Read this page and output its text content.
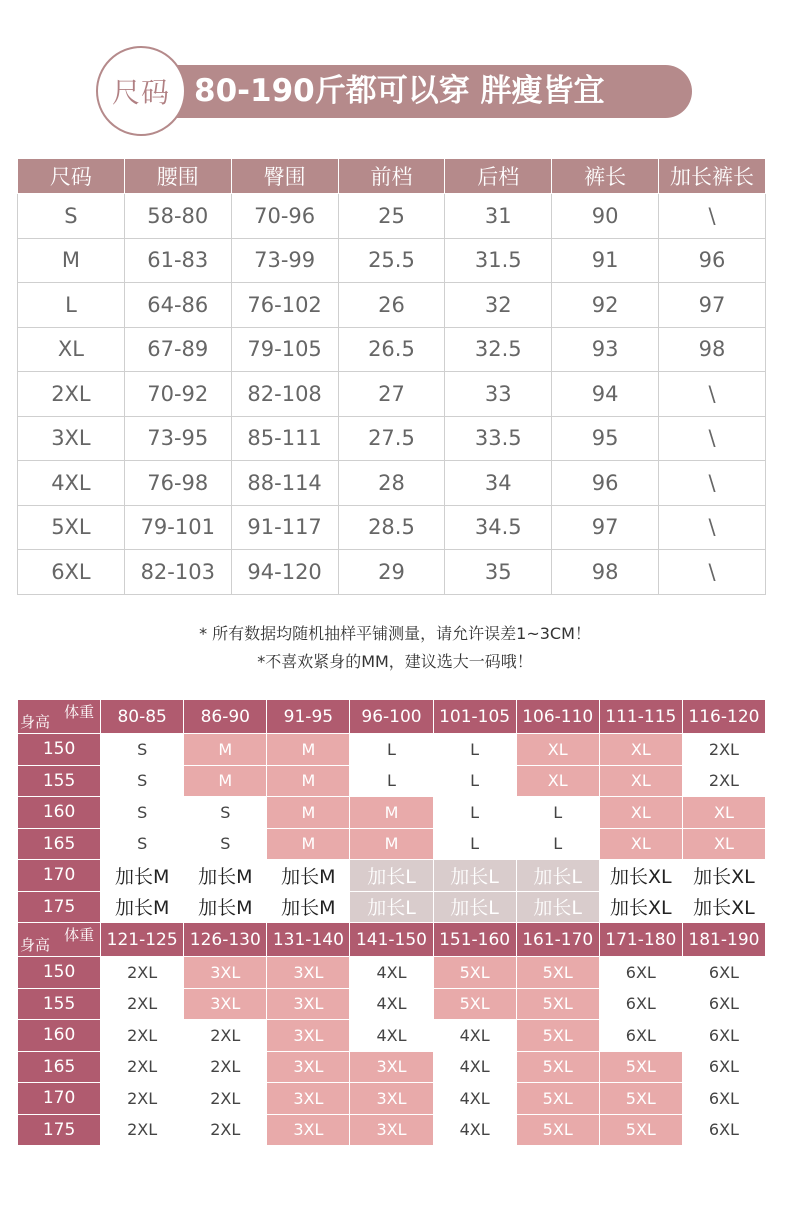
尺码 80-190斤都可以穿 胖瘦皆宜
尺码	腰围	臀围	前档	后档	裤长	加长裤长
S	58-80	70-96	25	31	90	\
M	61-83	73-99	25.5	31.5	91	96
L	64-86	76-102	26	32	92	97
XL	67-89	79-105	26.5	32.5	93	98
2XL	70-92	82-108	27	33	94	\
3XL	73-95	85-111	27.5	33.5	95	\
4XL	76-98	88-114	28	34	96	\
5XL	79-101	91-117	28.5	34.5	97	\
6XL	82-103	94-120	29	35	98	\
* 所有数据均随机抽样平铺测量，请允许误差1~3CM！
*不喜欢紧身的MM，建议选大一码哦！
体重
身高	80-85	86-90	91-95	96-100	101-105	106-110	111-115	116-120
150	S	M	M	L	L	XL	XL	2XL
155	S	M	M	L	L	XL	XL	2XL
160	S	S	M	M	L	L	XL	XL
165	S	S	M	M	L	L	XL	XL
170	加长M	加长M	加长M	加长L	加长L	加长L	加长XL	加长XL
175	加长M	加长M	加长M	加长L	加长L	加长L	加长XL	加长XL

体重
身高	121-125	126-130	131-140	141-150	151-160	161-170	171-180	181-190
150	2XL	3XL	3XL	4XL	5XL	5XL	6XL	6XL
155	2XL	3XL	3XL	4XL	5XL	5XL	6XL	6XL
160	2XL	2XL	3XL	4XL	4XL	5XL	6XL	6XL
165	2XL	2XL	3XL	3XL	4XL	5XL	5XL	6XL
170	2XL	2XL	3XL	3XL	4XL	5XL	5XL	6XL
175	2XL	2XL	3XL	3XL	4XL	5XL	5XL	6XL
